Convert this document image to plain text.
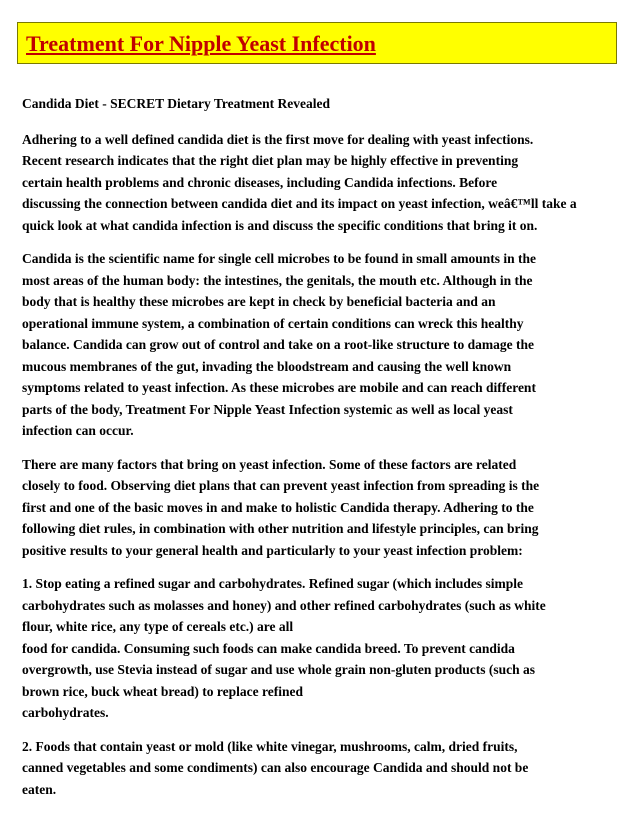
Treatment For Nipple Yeast Infection

Candida Diet - SECRET Dietary Treatment Revealed

Adhering to a well defined candida diet is the first move for dealing with yeast infections.
Recent research indicates that the right diet plan may be highly effective in preventing
certain health problems and chronic diseases, including Candida infections. Before
discussing the connection between candida diet and its impact on yeast infection, weâ€™ll take a
quick look at what candida infection is and discuss the specific conditions that bring it on.

Candida is the scientific name for single cell microbes to be found in small amounts in the
most areas of the human body: the intestines, the genitals, the mouth etc. Although in the
body that is healthy these microbes are kept in check by beneficial bacteria and an
operational immune system, a combination of certain conditions can wreck this healthy
balance. Candida can grow out of control and take on a root-like structure to damage the
mucous membranes of the gut, invading the bloodstream and causing the well known
symptoms related to yeast infection. As these microbes are mobile and can reach different
parts of the body, Treatment For Nipple Yeast Infection systemic as well as local yeast
infection can occur.

There are many factors that bring on yeast infection. Some of these factors are related
closely to food. Observing diet plans that can prevent yeast infection from spreading is the
first and one of the basic moves in and make to holistic Candida therapy. Adhering to the
following diet rules, in combination with other nutrition and lifestyle principles, can bring
positive results to your general health and particularly to your yeast infection problem:

1. Stop eating a refined sugar and carbohydrates. Refined sugar (which includes simple
carbohydrates such as molasses and honey) and other refined carbohydrates (such as white
flour, white rice, any type of cereals etc.) are all
food for candida. Consuming such foods can make candida breed. To prevent candida
overgrowth, use Stevia instead of sugar and use whole grain non-gluten products (such as
brown rice, buck wheat bread) to replace refined
carbohydrates.

2. Foods that contain yeast or mold (like white vinegar, mushrooms, calm, dried fruits,
canned vegetables and some condiments) can also encourage Candida and should not be
eaten.
